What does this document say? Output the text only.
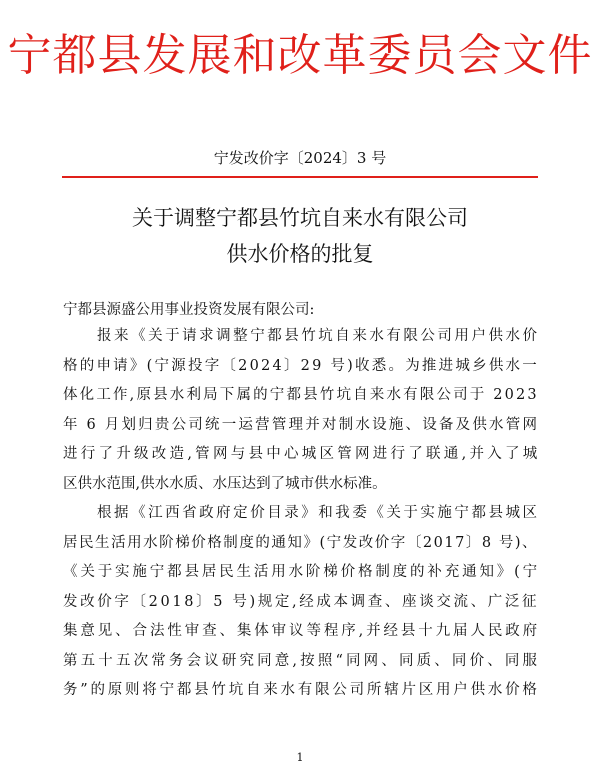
宁都县发展和改革委员会文件
宁发改价字〔2024〕3 号
关于调整宁都县竹坑自来水有限公司
供水价格的批复
宁都县源盛公用事业投资发展有限公司:
　　报来《关于请求调整宁都县竹坑自来水有限公司用户供水价
格的申请》(宁源投字〔2024〕29 号)收悉。为推进城乡供水一
体化工作,原县水利局下属的宁都县竹坑自来水有限公司于 2023
年 6 月划归贵公司统一运营管理并对制水设施、设备及供水管网
进行了升级改造,管网与县中心城区管网进行了联通,并入了城
区供水范围,供水水质、水压达到了城市供水标准。
　　根据《江西省政府定价目录》和我委《关于实施宁都县城区
居民生活用水阶梯价格制度的通知》(宁发改价字〔2017〕8 号)、
《关于实施宁都县居民生活用水阶梯价格制度的补充通知》(宁
发改价字〔2018〕5 号)规定,经成本调查、座谈交流、广泛征
集意见、合法性审查、集体审议等程序,并经县十九届人民政府
第五十五次常务会议研究同意,按照“同网、同质、同价、同服
务”的原则将宁都县竹坑自来水有限公司所辖片区用户供水价格
1
